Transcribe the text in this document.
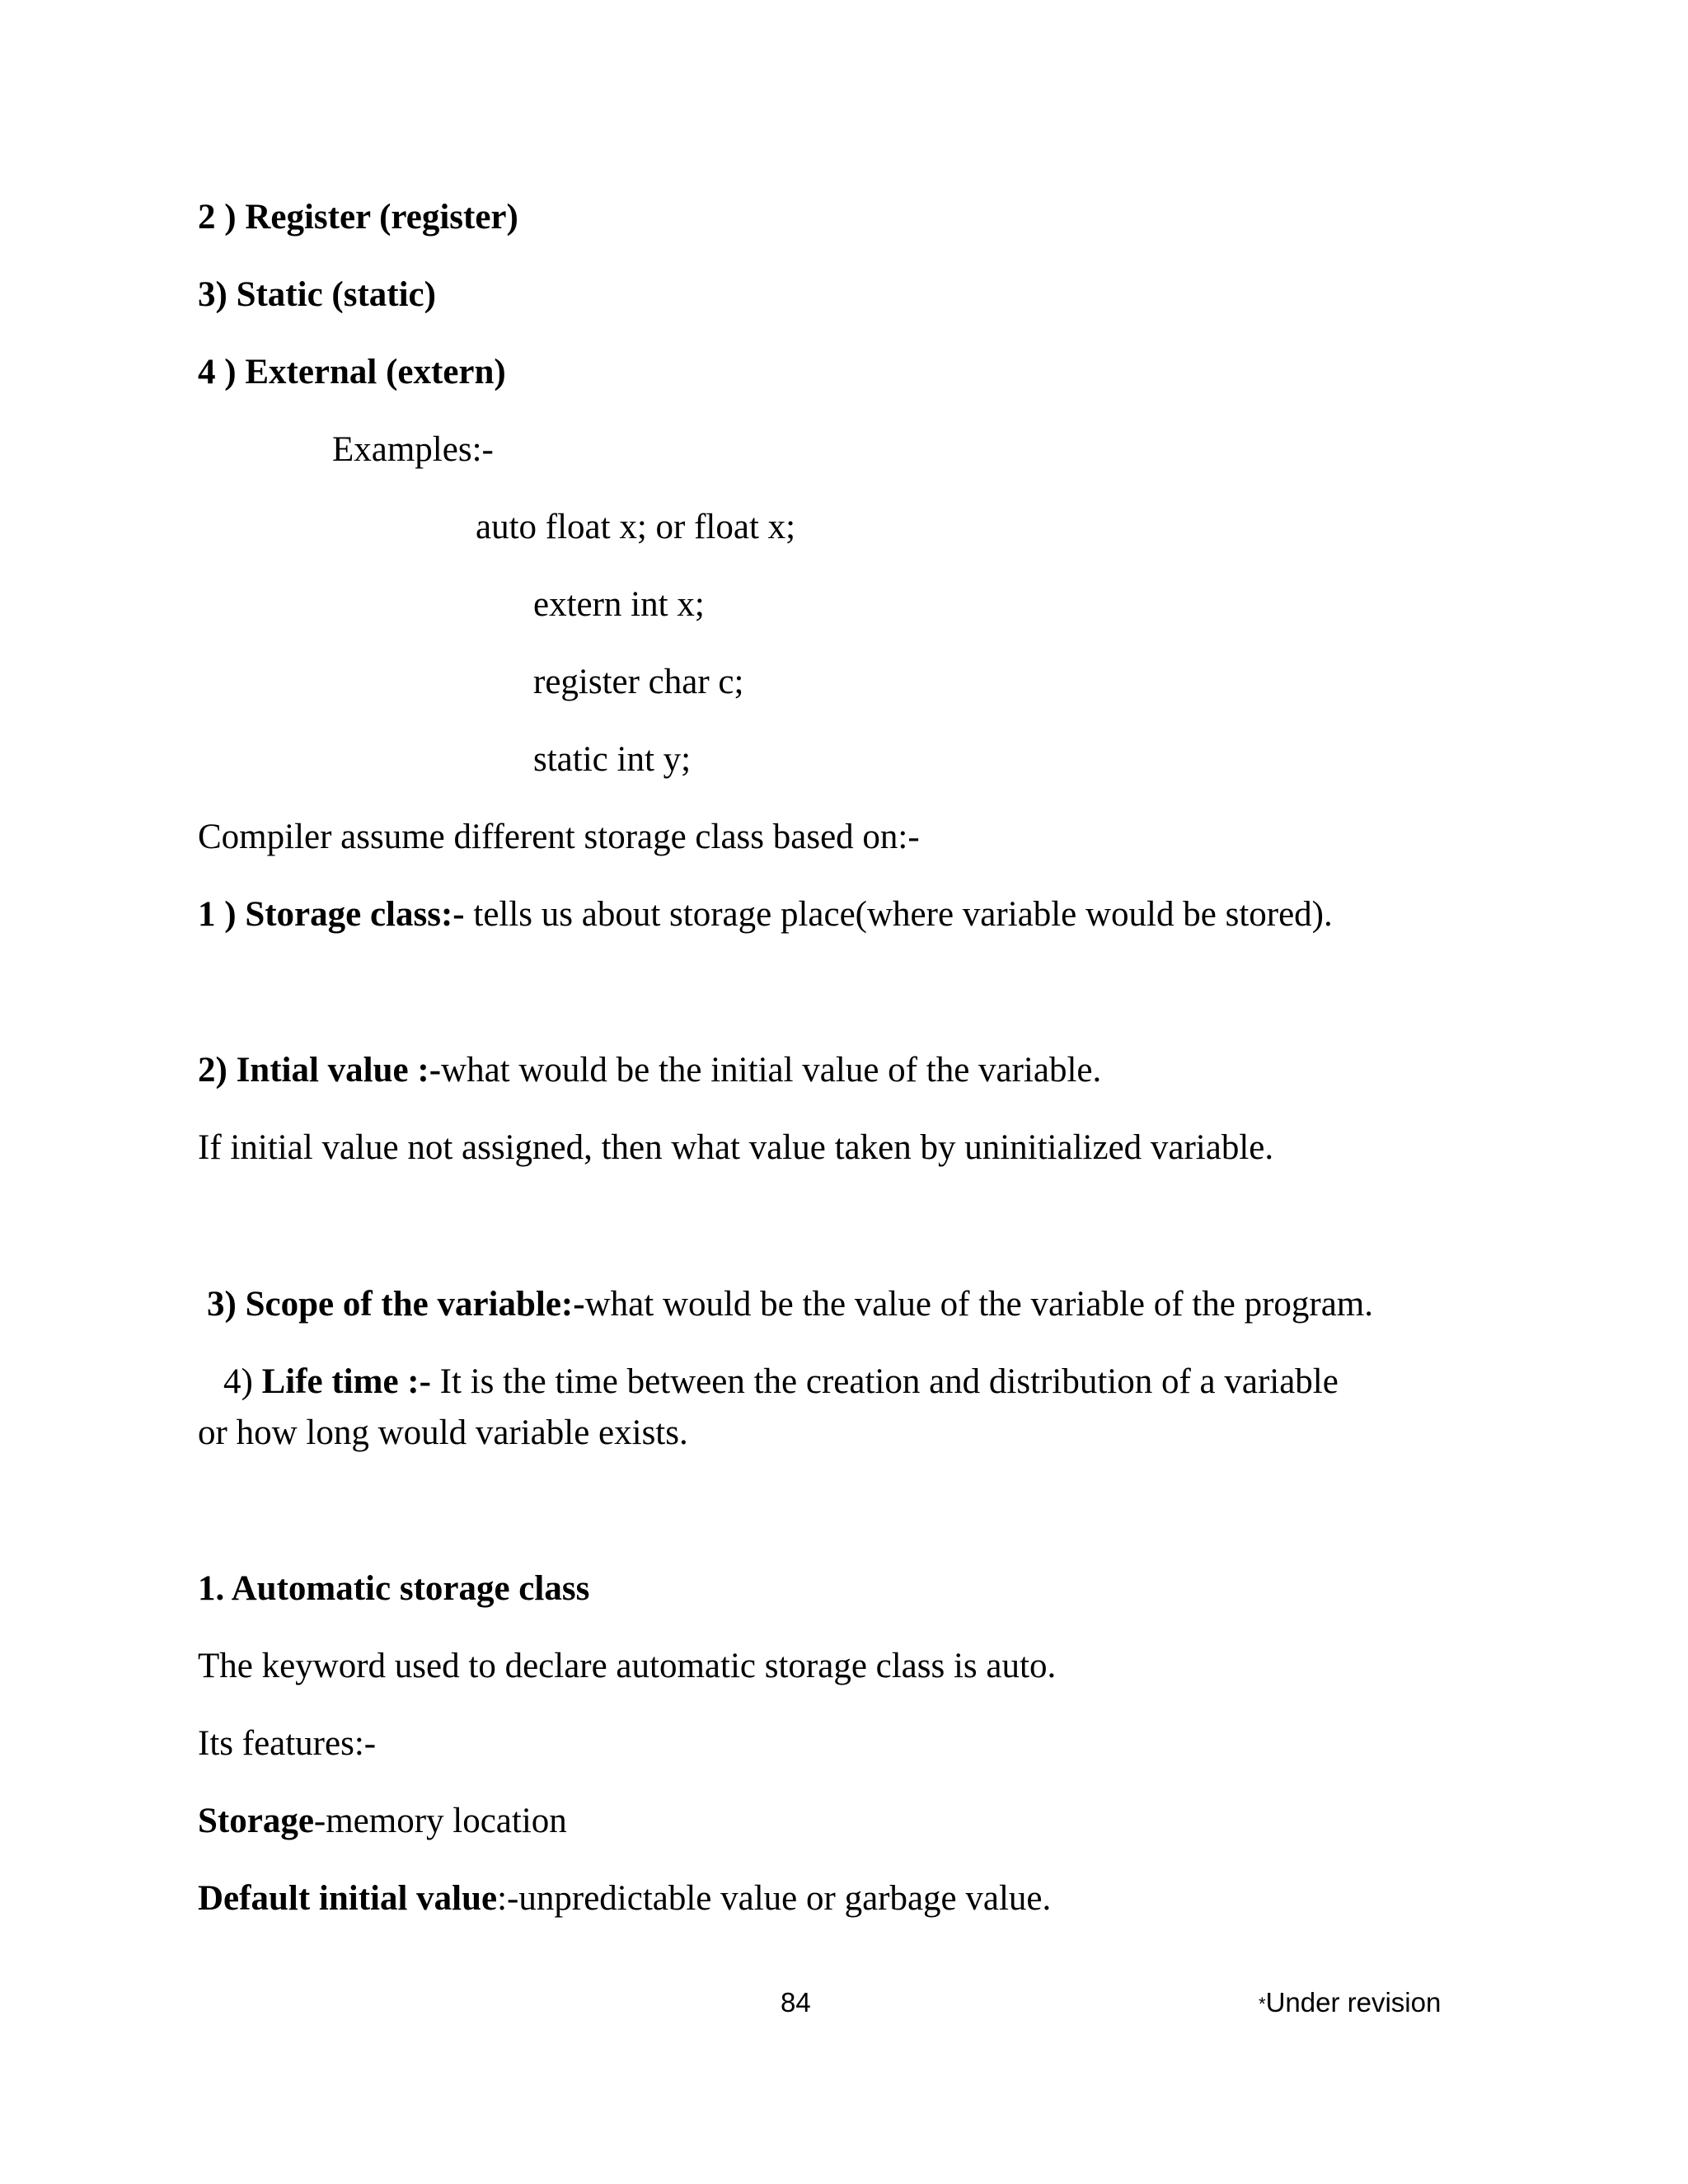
2 ) Register (register)
3) Static (static)
4 ) External (extern)
Examples:-
auto float x; or float x;
extern int x;
register char c;
static int y;
Compiler assume different storage class based on:-
1 ) Storage class:- tells us about storage place(where variable would be stored).
2) Intial value :-what would be the initial value of the variable.
If initial value not assigned, then what value taken by uninitialized variable.
3) Scope of the variable:-what would be the value of the variable of the program.
4) Life time :- It is the time between the creation and distribution of a variable
or how long would variable exists.
1. Automatic storage class
The keyword used to declare automatic storage class is auto.
Its features:-
Storage-memory location
Default initial value:-unpredictable value or garbage value.
84	*Under revision
